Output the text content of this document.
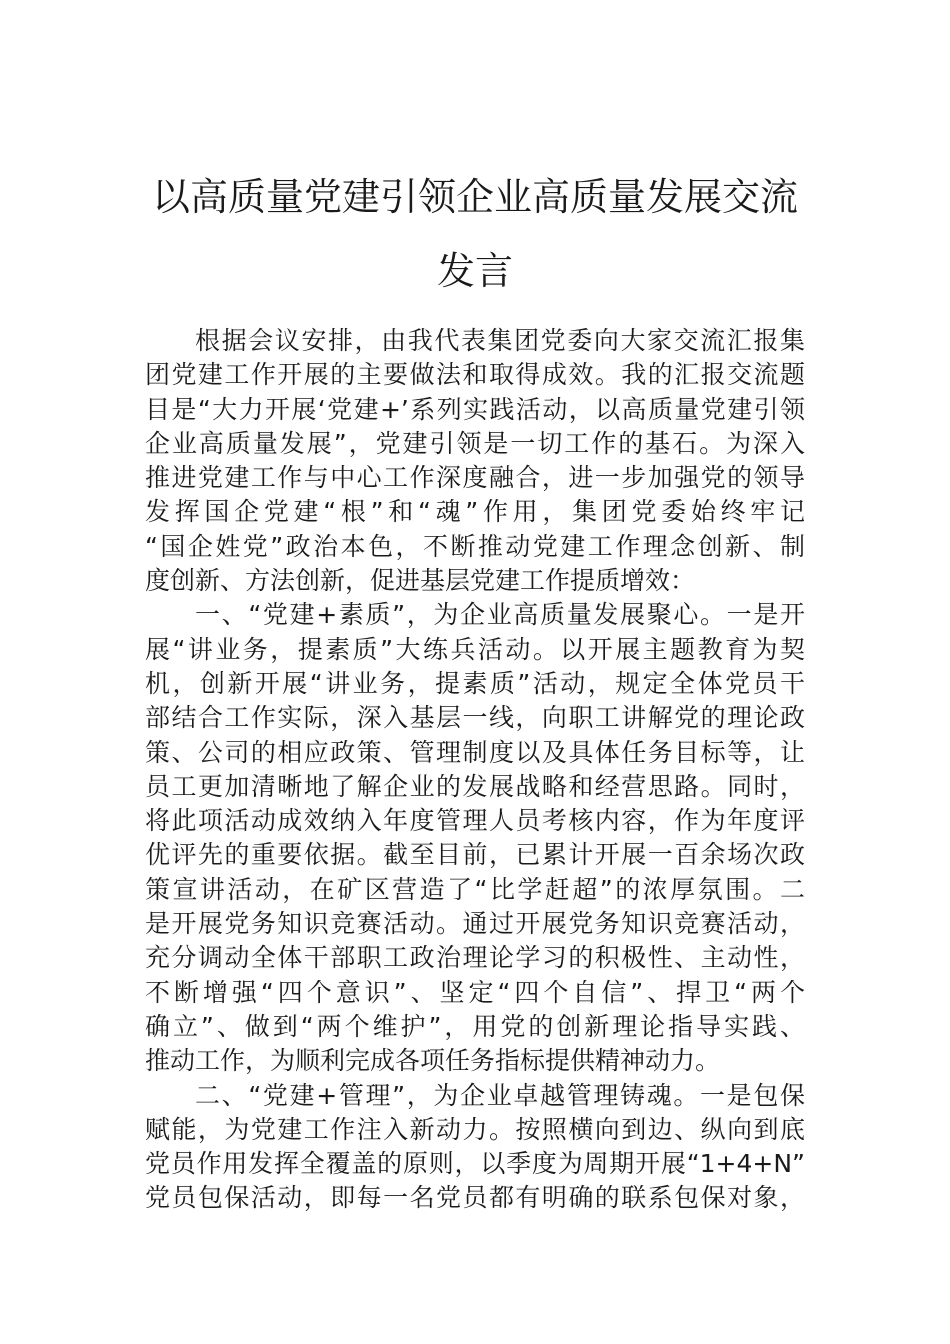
以高质量党建引领企业高质量发展交流发言
根据会议安排，由我代表集团党委向大家交流汇报集
团党建工作开展的主要做法和取得成效。我的汇报交流题
目是“大力开展‘党建+’系列实践活动，以高质量党建引领
企业高质量发展”，党建引领是一切工作的基石。为深入
推进党建工作与中心工作深度融合，进一步加强党的领导
发挥国企党建“根”和“魂”作用，集团党委始终牢记
“国企姓党”政治本色，不断推动党建工作理念创新、制
度创新、方法创新，促进基层党建工作提质增效：
一、“党建+素质”，为企业高质量发展聚心。一是开
展“讲业务，提素质”大练兵活动。以开展主题教育为契
机，创新开展“讲业务，提素质”活动，规定全体党员干
部结合工作实际，深入基层一线，向职工讲解党的理论政
策、公司的相应政策、管理制度以及具体任务目标等，让
员工更加清晰地了解企业的发展战略和经营思路。同时，
将此项活动成效纳入年度管理人员考核内容，作为年度评
优评先的重要依据。截至目前，已累计开展一百余场次政
策宣讲活动，在矿区营造了“比学赶超”的浓厚氛围。二
是开展党务知识竞赛活动。通过开展党务知识竞赛活动，
充分调动全体干部职工政治理论学习的积极性、主动性，
不断增强“四个意识”、坚定“四个自信”、捍卫“两个
确立”、做到“两个维护”，用党的创新理论指导实践、
推动工作，为顺利完成各项任务指标提供精神动力。
二、“党建+管理”，为企业卓越管理铸魂。一是包保
赋能，为党建工作注入新动力。按照横向到边、纵向到底
党员作用发挥全覆盖的原则，以季度为周期开展“1+4+N”
党员包保活动，即每一名党员都有明确的联系包保对象，
